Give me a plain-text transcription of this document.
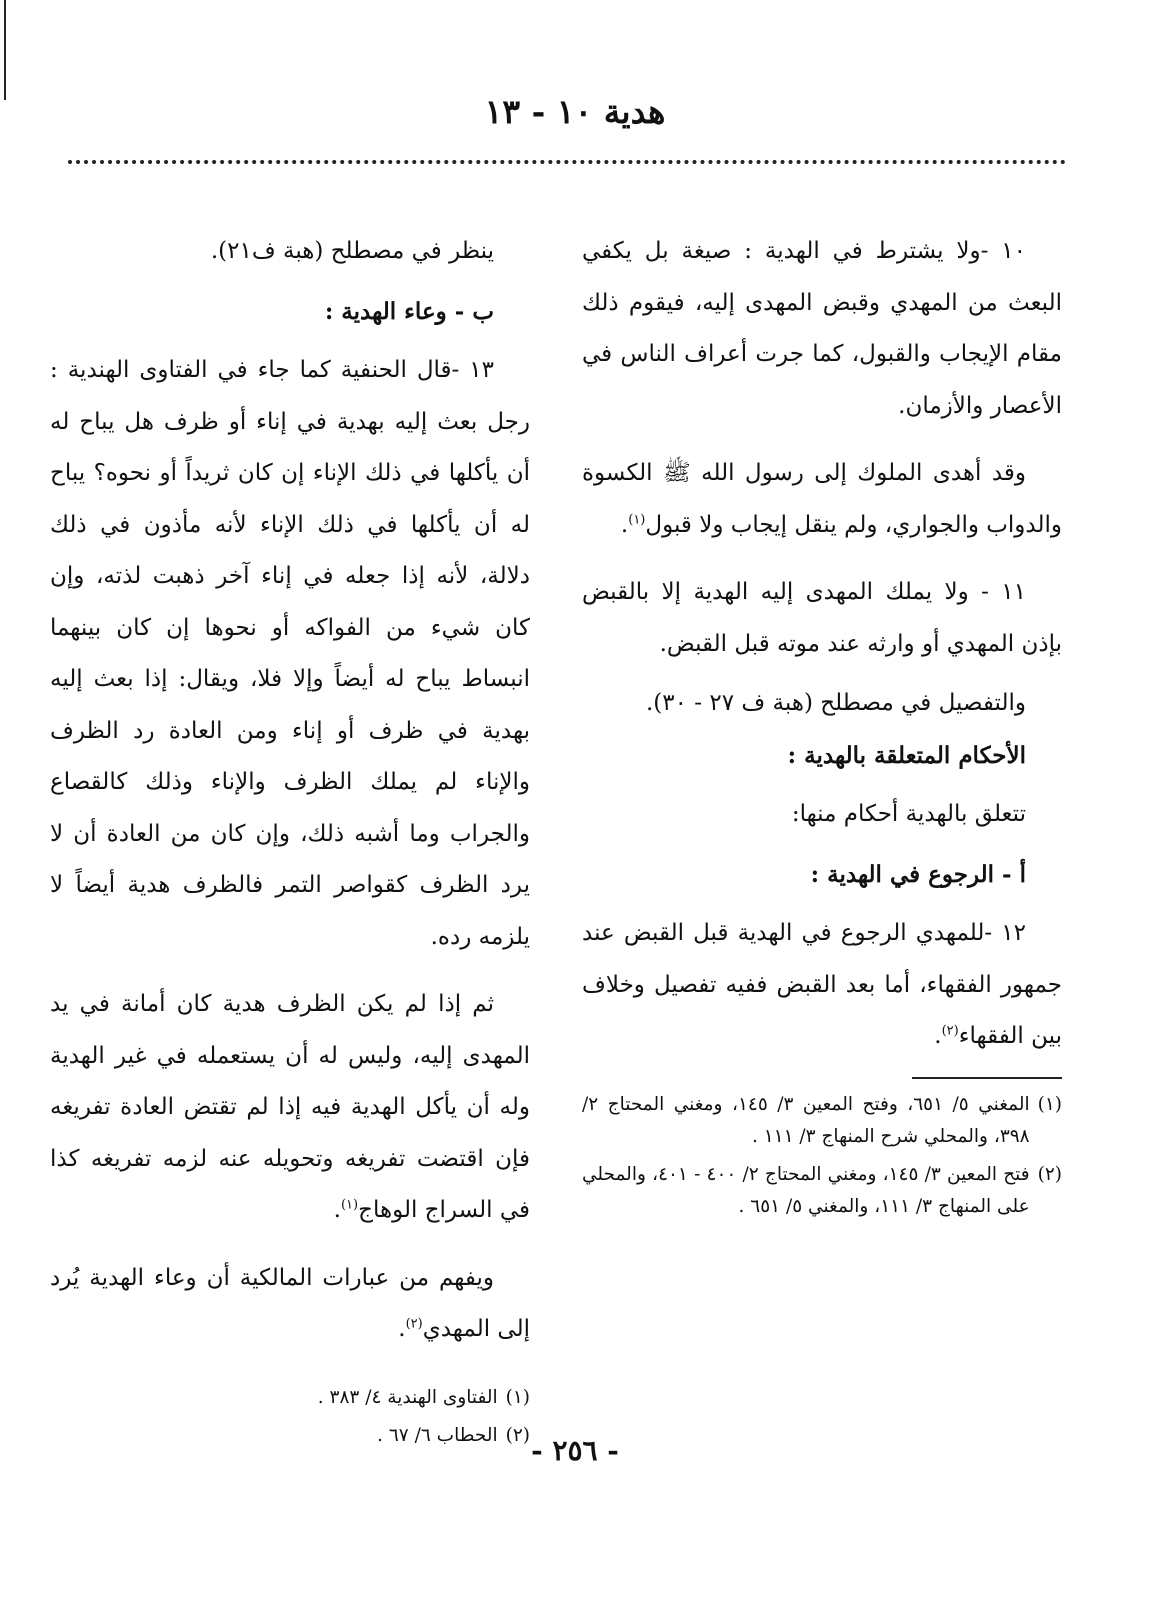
هدية ١٠ - ١٣

١٠ -ولا يشترط في الهدية : صيغة بل يكفي البعث من المهدي وقبض المهدى إليه، فيقوم ذلك مقام الإيجاب والقبول، كما جرت أعراف الناس في الأعصار والأزمان.

وقد أهدى الملوك إلى رسول الله ﷺ الكسوة والدواب والجواري، ولم ينقل إيجاب ولا قبول$^{(١)}$.

١١ - ولا يملك المهدى إليه الهدية إلا بالقبض بإذن المهدي أو وارثه عند موته قبل القبض.

والتفصيل في مصطلح (هبة ف ٢٧ - ٣٠).

الأحكام المتعلقة بالهدية :

تتعلق بالهدية أحكام منها:

أ - الرجوع في الهدية :

١٢ -للمهدي الرجوع في الهدية قبل القبض عند جمهور الفقهاء، أما بعد القبض ففيه تفصيل وخلاف بين الفقهاء$^{(٢)}$.

(١)
المغني ٥/ ٦٥١، وفتح المعين ٣/ ١٤٥، ومغني المحتاج ٢/ ٣٩٨، والمحلي شرح المنهاج ٣/ ١١١ .
(٢)
فتح المعين ٣/ ١٤٥، ومغني المحتاج ٢/ ٤٠٠ - ٤٠١، والمحلي على المنهاج ٣/ ١١١، والمغني ٥/ ٦٥١ .

ينظر في مصطلح (هبة ف٢١).

ب - وعاء الهدية :

١٣ -قال الحنفية كما جاء في الفتاوى الهندية : رجل بعث إليه بهدية في إناء أو ظرف هل يباح له أن يأكلها في ذلك الإناء إن كان ثريداً أو نحوه؟ يباح له أن يأكلها في ذلك الإناء لأنه مأذون في ذلك دلالة، لأنه إذا جعله في إناء آخر ذهبت لذته، وإن كان شيء من الفواكه أو نحوها إن كان بينهما انبساط يباح له أيضاً وإلا فلا، ويقال: إذا بعث إليه بهدية في ظرف أو إناء ومن العادة رد الظرف والإناء لم يملك الظرف والإناء وذلك كالقصاع والجراب وما أشبه ذلك، وإن كان من العادة أن لا يرد الظرف كقواصر التمر فالظرف هدية أيضاً لا يلزمه رده.

ثم إذا لم يكن الظرف هدية كان أمانة في يد المهدى إليه، وليس له أن يستعمله في غير الهدية وله أن يأكل الهدية فيه إذا لم تقتض العادة تفريغه فإن اقتضت تفريغه وتحويله عنه لزمه تفريغه كذا في السراج الوهاج$^{(١)}$.

ويفهم من عبارات المالكية أن وعاء الهدية يُرد إلى المهدي$^{(٢)}$.

(١)
الفتاوى الهندية ٤/ ٣٨٣ .
(٢)
الحطاب ٦/ ٦٧ .	- ٢٥٦ -
